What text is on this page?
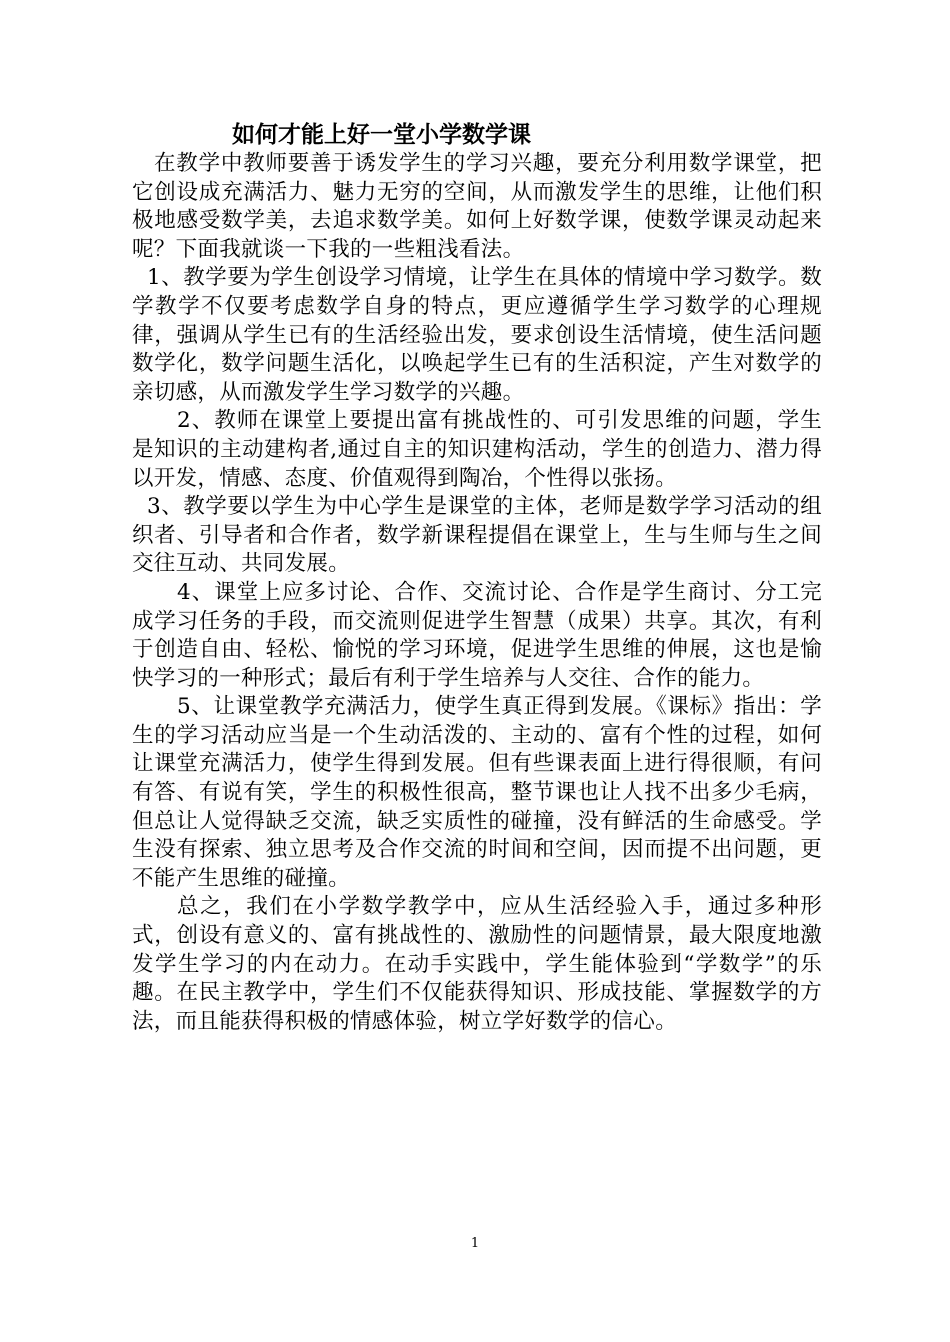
如何才能上好一堂小学数学课

在教学中教师要善于诱发学生的学习兴趣，要充分利用数学课堂，把它创设成充满活力、魅力无穷的空间，从而激发学生的思维，让他们积极地感受数学美，去追求数学美。如何上好数学课，使数学课灵动起来呢？下面我就谈一下我的一些粗浅看法。

1、教学要为学生创设学习情境，让学生在具体的情境中学习数学。数学教学不仅要考虑数学自身的特点，更应遵循学生学习数学的心理规律，强调从学生已有的生活经验出发，要求创设生活情境，使生活问题数学化，数学问题生活化，以唤起学生已有的生活积淀，产生对数学的亲切感，从而激发学生学习数学的兴趣。

2、教师在课堂上要提出富有挑战性的、可引发思维的问题，学生是知识的主动建构者,通过自主的知识建构活动，学生的创造力、潜力得以开发，情感、态度、价值观得到陶冶，个性得以张扬。

3、教学要以学生为中心学生是课堂的主体，老师是数学学习活动的组织者、引导者和合作者，数学新课程提倡在课堂上，生与生师与生之间交往互动、共同发展。

4、课堂上应多讨论、合作、交流讨论、合作是学生商讨、分工完成学习任务的手段，而交流则促进学生智慧（成果）共享。其次，有利于创造自由、轻松、愉悦的学习环境，促进学生思维的伸展，这也是愉快学习的一种形式；最后有利于学生培养与人交往、合作的能力。

5、让课堂教学充满活力，使学生真正得到发展。《课标》指出：学生的学习活动应当是一个生动活泼的、主动的、富有个性的过程，如何让课堂充满活力，使学生得到发展。但有些课表面上进行得很顺，有问有答、有说有笑，学生的积极性很高，整节课也让人找不出多少毛病，但总让人觉得缺乏交流，缺乏实质性的碰撞，没有鲜活的生命感受。学生没有探索、独立思考及合作交流的时间和空间，因而提不出问题，更不能产生思维的碰撞。

总之，我们在小学数学教学中，应从生活经验入手，通过多种形式，创设有意义的、富有挑战性的、激励性的问题情景，最大限度地激发学生学习的内在动力。在动手实践中，学生能体验到“学数学”的乐趣。在民主教学中，学生们不仅能获得知识、形成技能、掌握数学的方法，而且能获得积极的情感体验，树立学好数学的信心。

1
